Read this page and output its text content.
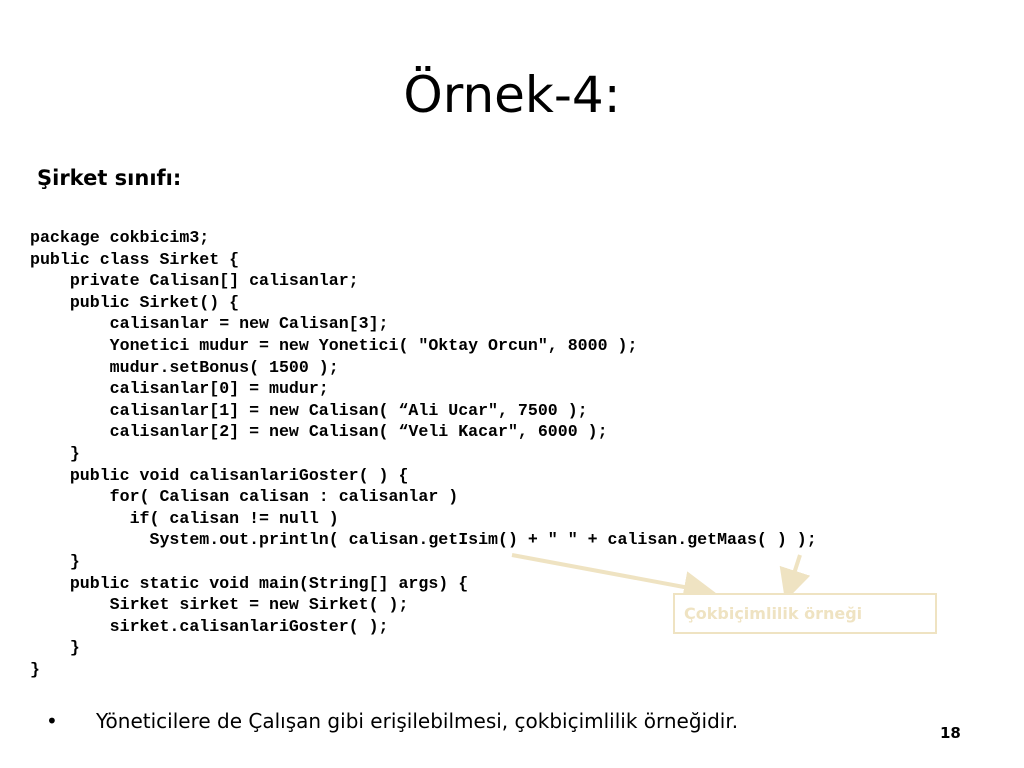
Örnek-4:
Şirket sınıfı:
package cokbicim3;
public class Sirket {
private Calisan[] calisanlar;
public Sirket() {
calisanlar = new Calisan[3];
Yonetici mudur = new Yonetici( "Oktay Orcun", 8000 );
mudur.setBonus( 1500 );
calisanlar[0] = mudur;
calisanlar[1] = new Calisan( “Ali Ucar", 7500 );
calisanlar[2] = new Calisan( “Veli Kacar", 6000 );
}
public void calisanlariGoster( ) {
for( Calisan calisan : calisanlar )
if( calisan != null )
System.out.println( calisan.getIsim() + " " + calisan.getMaas( ) );
}
public static void main(String[] args) {
Sirket sirket = new Sirket( );
sirket.calisanlariGoster( );
}
}
Çokbiçimlilik örneği
• Yöneticilere de Çalışan gibi erişilebilmesi, çokbiçimlilik örneğidir.	18
